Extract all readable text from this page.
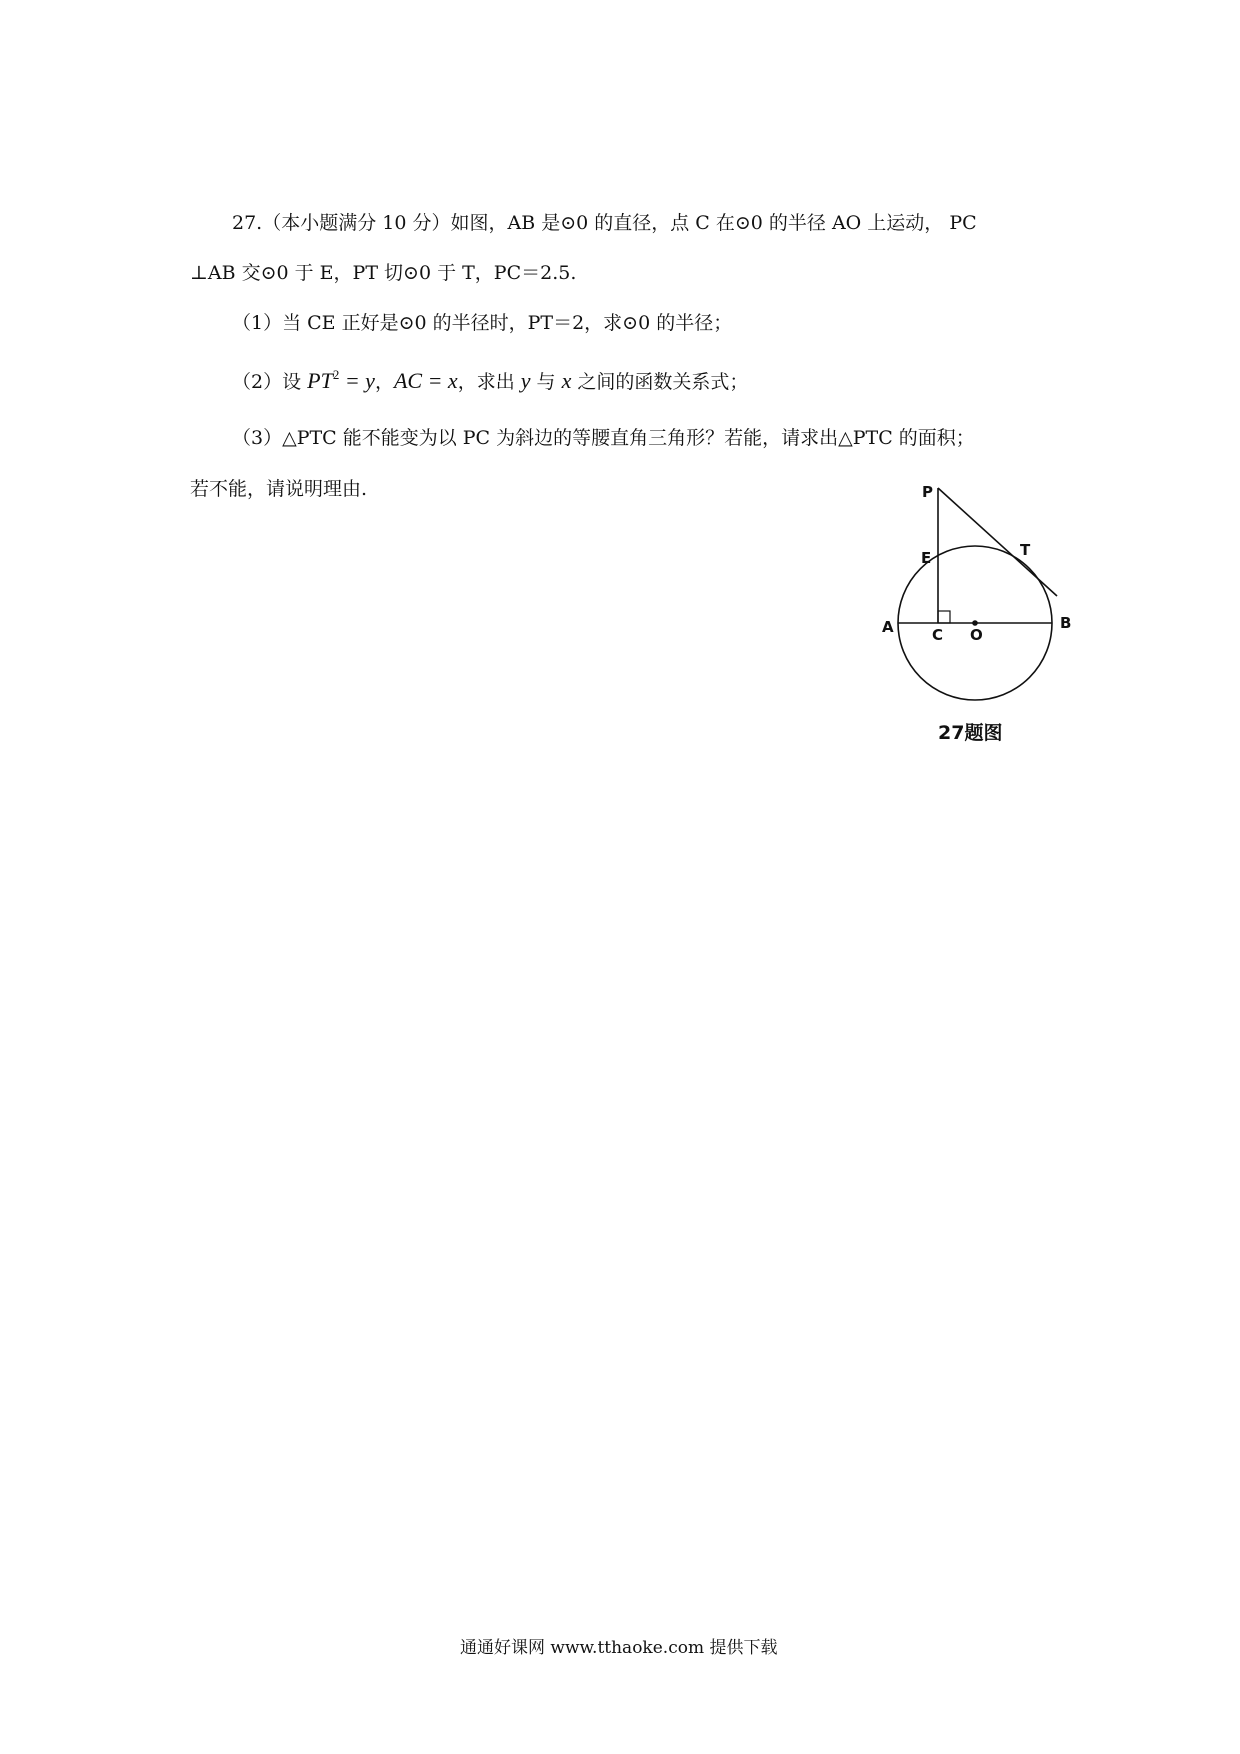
27.（本小题满分 10 分）如图，AB 是⊙0 的直径，点 C 在⊙0 的半径 AO 上运动， PC
⊥AB 交⊙0 于 E，PT 切⊙0 于 T，PC＝2.5.
（1）当 CE 正好是⊙0 的半径时，PT＝2，求⊙0 的半径；
（2）设 $PT^2 = y$，AC = x，求出 y 与 x 之间的函数关系式；
（3）△PTC 能不能变为以 PC 为斜边的等腰直角三角形？若能，请求出△PTC 的面积；
若不能，请说明理由.	P
E	T
A	C O
B
27题图
通通好课网 www.tthaoke.com 提供下载
